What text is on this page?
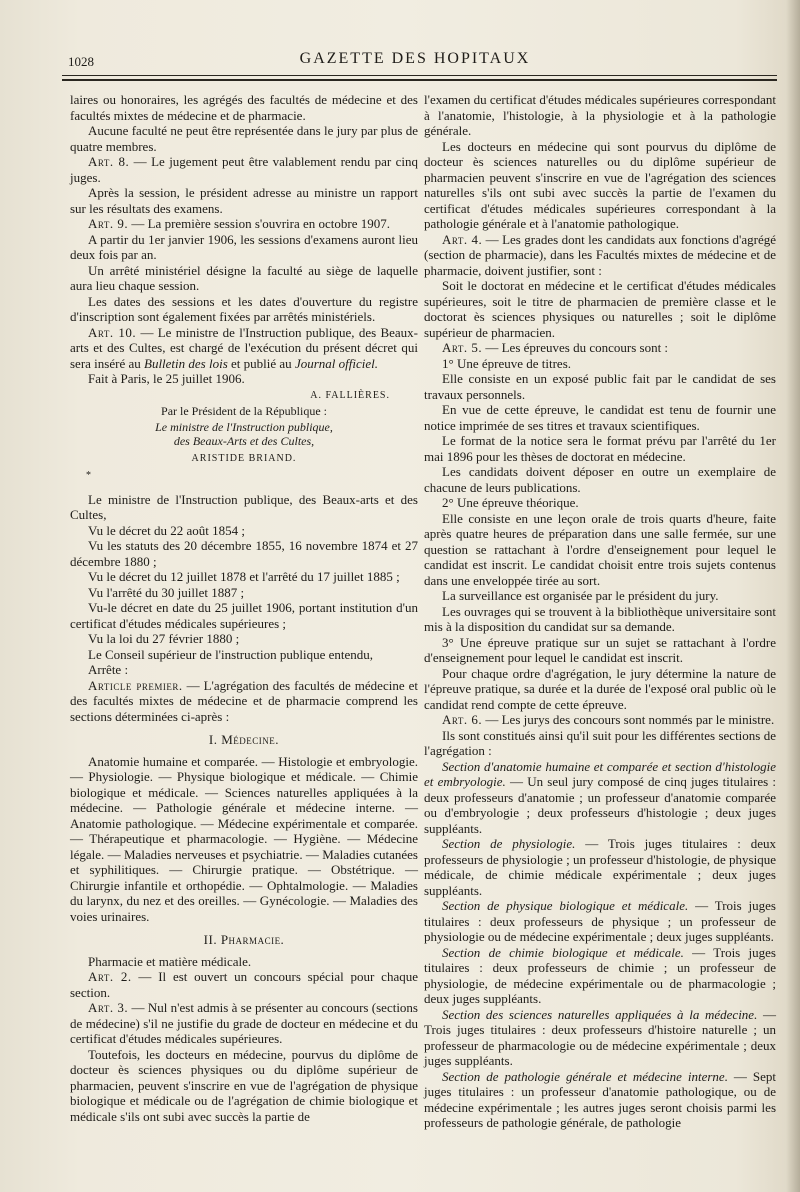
1028	GAZETTE DES HOPITAUX

laires ou honoraires, les agrégés des facultés de médecine et des facultés mixtes de médecine et de pharmacie.

Aucune faculté ne peut être représentée dans le jury par plus de quatre membres.

Art. 8. — Le jugement peut être valablement rendu par cinq juges.

Après la session, le président adresse au ministre un rapport sur les résultats des examens.

Art. 9. — La première session s'ouvrira en octobre 1907.

A partir du 1er janvier 1906, les sessions d'examens auront lieu deux fois par an.

Un arrêté ministériel désigne la faculté au siège de laquelle aura lieu chaque session.

Les dates des sessions et les dates d'ouverture du registre d'inscription sont également fixées par arrêtés ministériels.

Art. 10. — Le ministre de l'Instruction publique, des Beaux-arts et des Cultes, est chargé de l'exécution du présent décret qui sera inséré au Bulletin des lois et publié au Journal officiel.

Fait à Paris, le 25 juillet 1906.

A. FALLIÈRES.
Par le Président de la République :
Le ministre de l'Instruction publique,
des Beaux-Arts et des Cultes,
ARISTIDE BRIAND.
*

Le ministre de l'Instruction publique, des Beaux-arts et des Cultes,

Vu le décret du 22 août 1854 ;

Vu les statuts des 20 décembre 1855, 16 novembre 1874 et 27 décembre 1880 ;

Vu le décret du 12 juillet 1878 et l'arrêté du 17 juillet 1885 ;

Vu l'arrêté du 30 juillet 1887 ;

Vu-le décret en date du 25 juillet 1906, portant institution d'un certificat d'études médicales supérieures ;

Vu la loi du 27 février 1880 ;

Le Conseil supérieur de l'instruction publique entendu,

Arrête :

Article premier. — L'agrégation des facultés de médecine et des facultés mixtes de médecine et de pharmacie comprend les sections déterminées ci-après :

I. Médecine.

Anatomie humaine et comparée. — Histologie et embryologie. — Physiologie. — Physique biologique et médicale. — Chimie biologique et médicale. — Sciences naturelles appliquées à la médecine. — Pathologie générale et médecine interne. — Anatomie pathologique. — Médecine expérimentale et comparée. — Thérapeutique et pharmacologie. — Hygiène. — Médecine légale. — Maladies nerveuses et psychiatrie. — Maladies cutanées et syphilitiques. — Chirurgie pratique. — Obstétrique. — Chirurgie infantile et orthopédie. — Ophtalmologie. — Maladies du larynx, du nez et des oreilles. — Gynécologie. — Maladies des voies urinaires.

II. Pharmacie.

Pharmacie et matière médicale.

Art. 2. — Il est ouvert un concours spécial pour chaque section.

Art. 3. — Nul n'est admis à se présenter au concours (sections de médecine) s'il ne justifie du grade de docteur en médecine et du certificat d'études médicales supérieures.

Toutefois, les docteurs en médecine, pourvus du diplôme de docteur ès sciences physiques ou du diplôme supérieur de pharmacien, peuvent s'inscrire en vue de l'agrégation de physique biologique et médicale ou de l'agrégation de chimie biologique et médicale s'ils ont subi avec succès la partie de

l'examen du certificat d'études médicales supérieures correspondant à l'anatomie, l'histologie, à la physiologie et à la pathologie générale.

Les docteurs en médecine qui sont pourvus du diplôme de docteur ès sciences naturelles ou du diplôme supérieur de pharmacien peuvent s'inscrire en vue de l'agrégation des sciences naturelles s'ils ont subi avec succès la partie de l'examen du certificat d'études médicales supérieures correspondant à la pathologie générale et à l'anatomie pathologique.

Art. 4. — Les grades dont les candidats aux fonctions d'agrégé (section de pharmacie), dans les Facultés mixtes de médecine et de pharmacie, doivent justifier, sont :

Soit le doctorat en médecine et le certificat d'études médicales supérieures, soit le titre de pharmacien de première classe et le doctorat ès sciences physiques ou naturelles ; soit le diplôme supérieur de pharmacien.

Art. 5. — Les épreuves du concours sont :

1° Une épreuve de titres.

Elle consiste en un exposé public fait par le candidat de ses travaux personnels.

En vue de cette épreuve, le candidat est tenu de fournir une notice imprimée de ses titres et travaux scientifiques.

Le format de la notice sera le format prévu par l'arrêté du 1er mai 1896 pour les thèses de doctorat en médecine.

Les candidats doivent déposer en outre un exemplaire de chacune de leurs publications.

2° Une épreuve théorique.

Elle consiste en une leçon orale de trois quarts d'heure, faite après quatre heures de préparation dans une salle fermée, sur une question se rattachant à l'ordre d'enseignement pour lequel le candidat est inscrit. Le candidat choisit entre trois sujets contenus dans une enveloppée tirée au sort.

La surveillance est organisée par le président du jury.

Les ouvrages qui se trouvent à la bibliothèque universitaire sont mis à la disposition du candidat sur sa demande.

3° Une épreuve pratique sur un sujet se rattachant à l'ordre d'enseignement pour lequel le candidat est inscrit.

Pour chaque ordre d'agrégation, le jury détermine la nature de l'épreuve pratique, sa durée et la durée de l'exposé oral public où le candidat rend compte de cette épreuve.

Art. 6. — Les jurys des concours sont nommés par le ministre.

Ils sont constitués ainsi qu'il suit pour les différentes sections de l'agrégation :

Section d'anatomie humaine et comparée et section d'histologie et embryologie. — Un seul jury composé de cinq juges titulaires : deux professeurs d'anatomie ; un professeur d'anatomie comparée ou d'embryologie ; deux professeurs d'histologie ; deux juges suppléants.

Section de physiologie. — Trois juges titulaires : deux professeurs de physiologie ; un professeur d'histologie, de physique médicale, de chimie médicale expérimentale ; deux juges suppléants.

Section de physique biologique et médicale. — Trois juges titulaires : deux professeurs de physique ; un professeur de physiologie ou de médecine expérimentale ; deux juges suppléants.

Section de chimie biologique et médicale. — Trois juges titulaires : deux professeurs de chimie ; un professeur de physiologie, de médecine expérimentale ou de pharmacologie ; deux juges suppléants.

Section des sciences naturelles appliquées à la médecine. — Trois juges titulaires : deux professeurs d'histoire naturelle ; un professeur de pharmacologie ou de médecine expérimentale ; deux juges suppléants.

Section de pathologie générale et médecine interne. — Sept juges titulaires : un professeur d'anatomie pathologique, ou de médecine expérimentale ; les autres juges seront choisis parmi les professeurs de pathologie générale, de pathologie
